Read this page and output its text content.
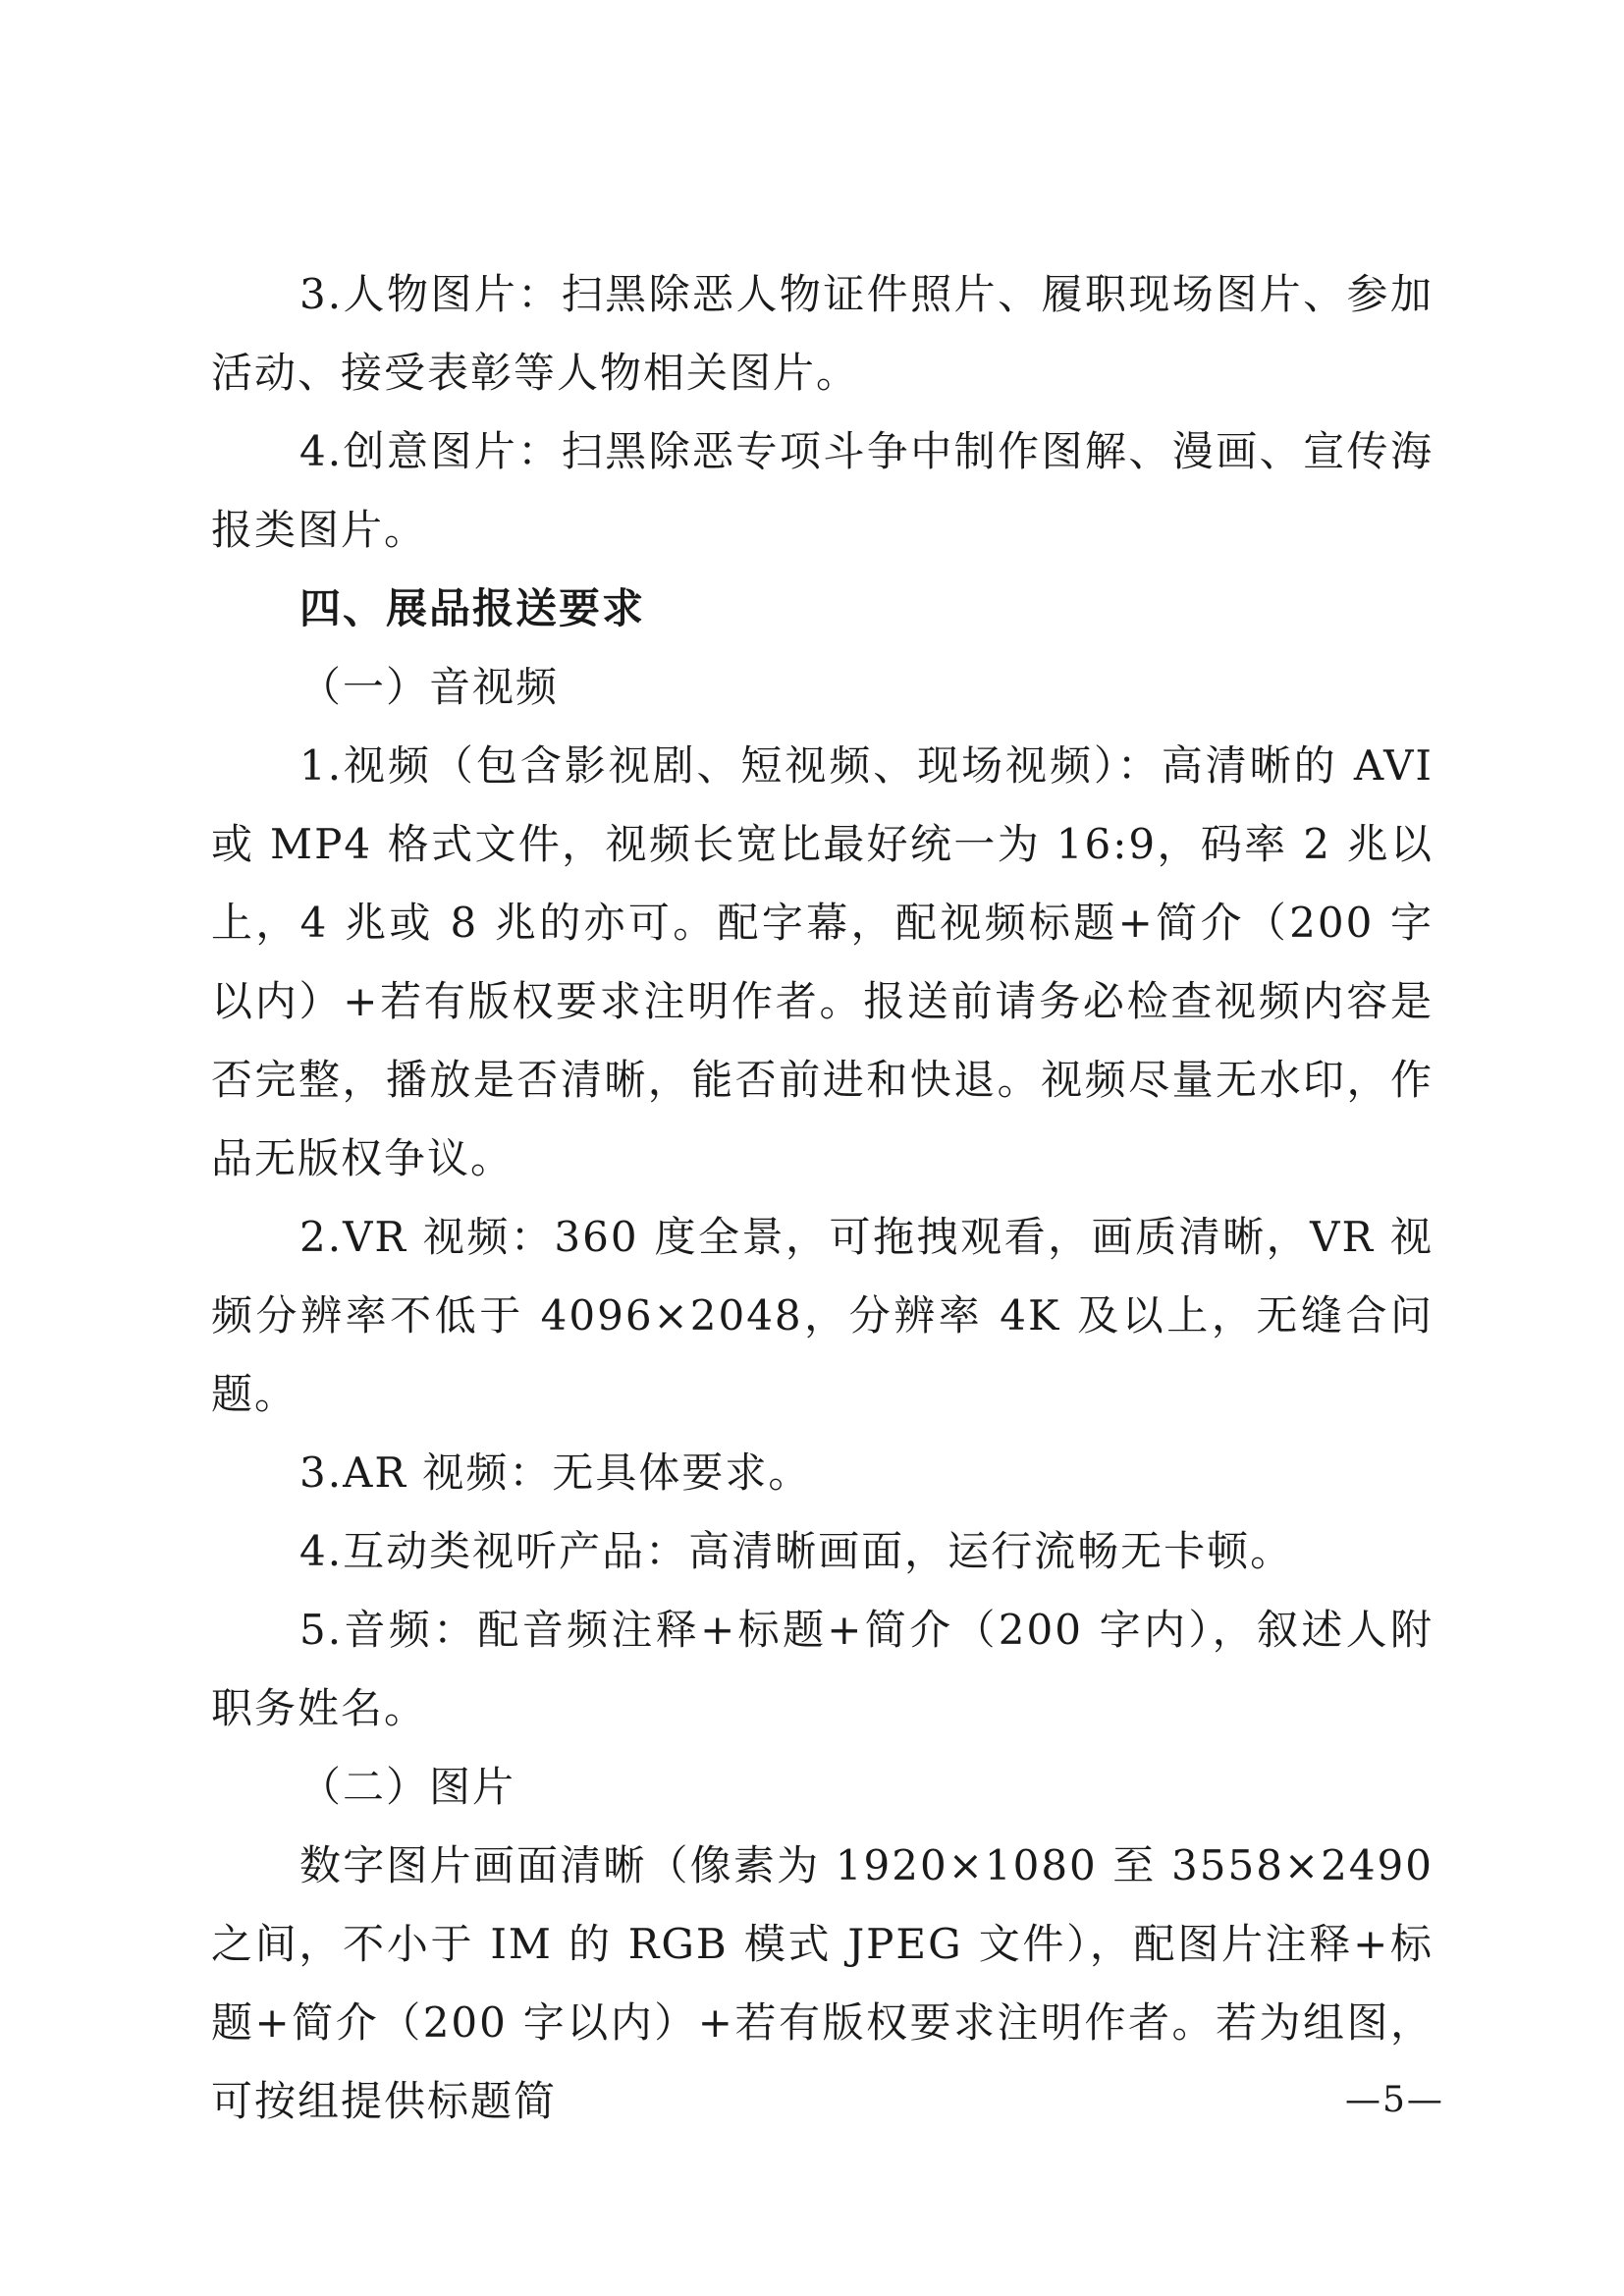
3.人物图片：扫黑除恶人物证件照片、履职现场图片、参加活动、接受表彰等人物相关图片。

4.创意图片：扫黑除恶专项斗争中制作图解、漫画、宣传海报类图片。

四、展品报送要求

（一）音视频

1.视频（包含影视剧、短视频、现场视频）：高清晰的 AVI 或 MP4 格式文件，视频长宽比最好统一为 16:9，码率 2 兆以上，4 兆或 8 兆的亦可。配字幕，配视频标题+简介（200 字以内）+若有版权要求注明作者。报送前请务必检查视频内容是否完整，播放是否清晰，能否前进和快退。视频尽量无水印，作品无版权争议。

2.VR 视频：360 度全景，可拖拽观看，画质清晰，VR 视频分辨率不低于 4096×2048，分辨率 4K 及以上，无缝合问题。

3.AR 视频：无具体要求。

4.互动类视听产品：高清晰画面，运行流畅无卡顿。

5.音频：配音频注释+标题+简介（200 字内），叙述人附职务姓名。

（二）图片

数字图片画面清晰（像素为 1920×1080 至 3558×2490 之间，不小于 IM 的 RGB 模式 JPEG 文件），配图片注释+标题+简介（200 字以内）+若有版权要求注明作者。若为组图，可按组提供标题简	—5—
